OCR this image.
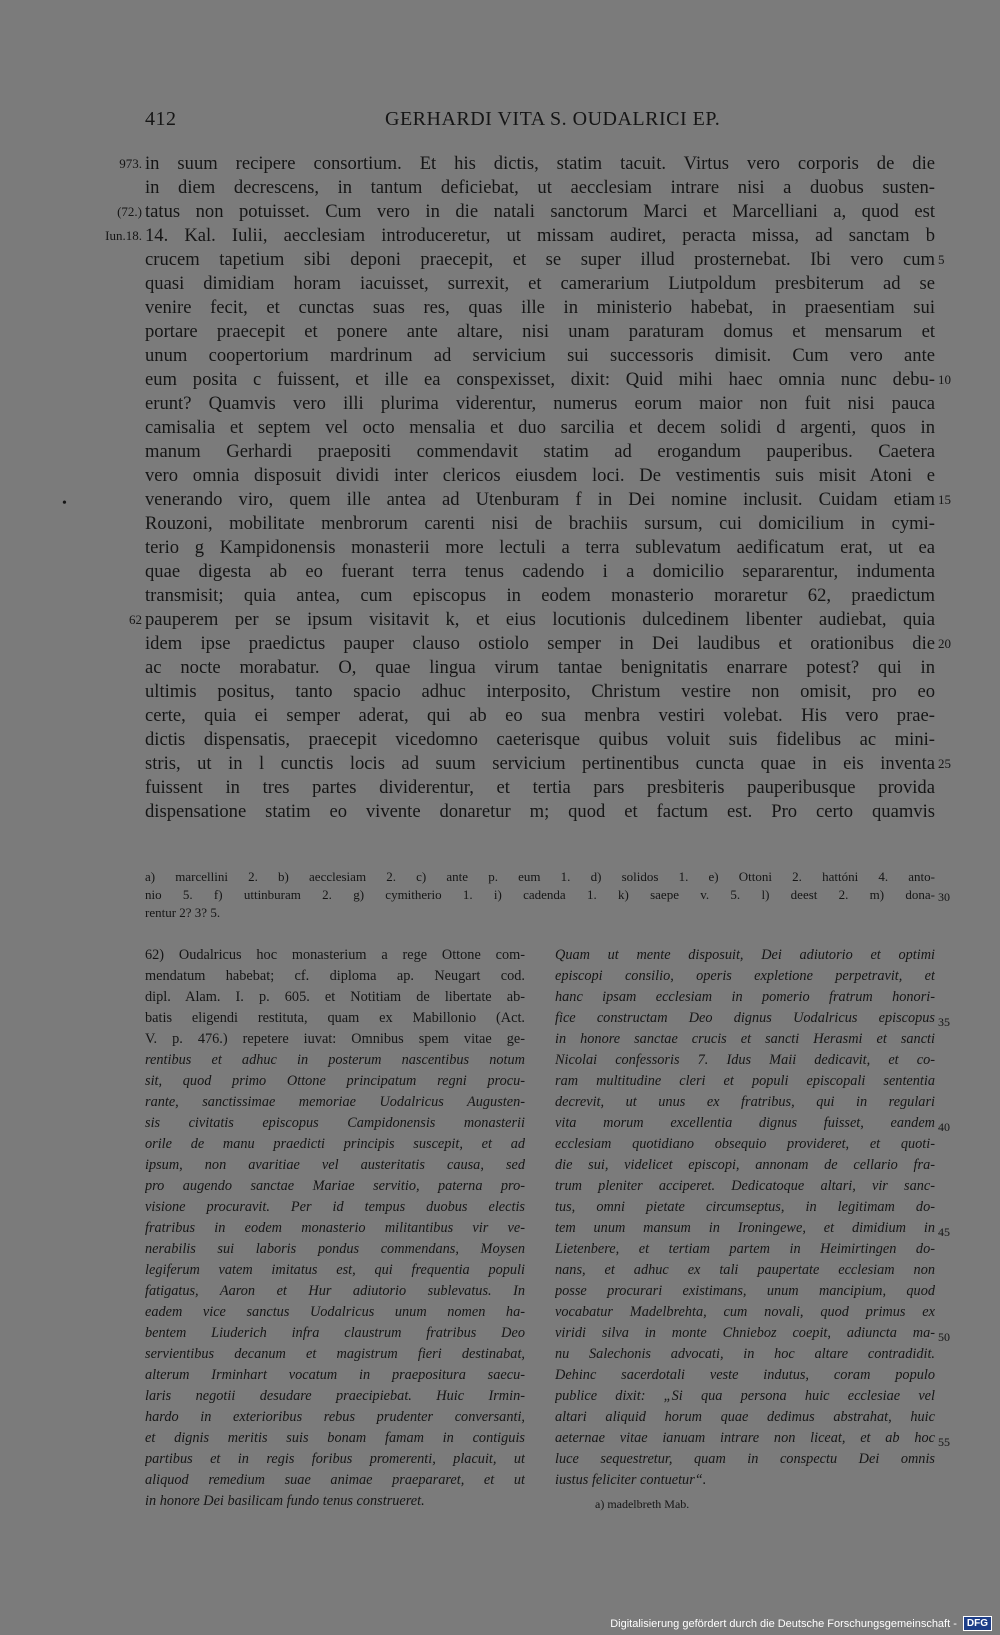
412	GERHARDI VITA S. OUDALRICI EP.
•
973.
(72.)
Iun.18.
62
5
10
15
20
25
in suum recipere consortium. Et his dictis, statim tacuit. Virtus vero corporis de die
in diem decrescens, in tantum deficiebat, ut aecclesiam intrare nisi a duobus susten-
tatus non potuisset. Cum vero in die natali sanctorum Marci et Marcelliani a, quod est
14. Kal. Iulii, aecclesiam introduceretur, ut missam audiret, peracta missa, ad sanctam b
crucem tapetium sibi deponi praecepit, et se super illud prosternebat. Ibi vero cum
quasi dimidiam horam iacuisset, surrexit, et camerarium Liutpoldum presbiterum ad se
venire fecit, et cunctas suas res, quas ille in ministerio habebat, in praesentiam sui
portare praecepit et ponere ante altare, nisi unam paraturam domus et mensarum et
unum coopertorium mardrinum ad servicium sui successoris dimisit. Cum vero ante
eum posita c fuissent, et ille ea conspexisset, dixit: Quid mihi haec omnia nunc debu-
erunt? Quamvis vero illi plurima viderentur, numerus eorum maior non fuit nisi pauca
camisalia et septem vel octo mensalia et duo sarcilia et decem solidi d argenti, quos in
manum Gerhardi praepositi commendavit statim ad erogandum pauperibus. Caetera
vero omnia disposuit dividi inter clericos eiusdem loci. De vestimentis suis misit Atoni e
venerando viro, quem ille antea ad Utenburam f in Dei nomine inclusit. Cuidam etiam
Rouzoni, mobilitate menbrorum carenti nisi de brachiis sursum, cui domicilium in cymi-
terio g Kampidonensis monasterii more lectuli a terra sublevatum aedificatum erat, ut ea
quae digesta ab eo fuerant terra tenus cadendo i a domicilio separarentur, indumenta
transmisit; quia antea, cum episcopus in eodem monasterio moraretur 62, praedictum
pauperem per se ipsum visitavit k, et eius locutionis dulcedinem libenter audiebat, quia
idem ipse praedictus pauper clauso ostiolo semper in Dei laudibus et orationibus die
ac nocte morabatur. O, quae lingua virum tantae benignitatis enarrare potest? qui in
ultimis positus, tanto spacio adhuc interposito, Christum vestire non omisit, pro eo
certe, quia ei semper aderat, qui ab eo sua menbra vestiri volebat. His vero prae-
dictis dispensatis, praecepit vicedomno caeterisque quibus voluit suis fidelibus ac mini-
stris, ut in l cunctis locis ad suum servicium pertinentibus cuncta quae in eis inventa
fuissent in tres partes dividerentur, et tertia pars presbiteris pauperibusque provida
dispensatione statim eo vivente donaretur m; quod et factum est. Pro certo quamvis
a) marcellini 2. b) aecclesiam 2. c) ante p. eum 1. d) solidos 1. e) Ottoni 2. hattóni 4. anto-
nio 5. f) uttinburam 2. g) cymitherio 1. i) cadenda 1. k) saepe v. 5. l) deest 2. m) dona-
rentur 2? 3? 5.
30
62) Oudalricus hoc monasterium a rege Ottone com-
mendatum habebat; cf. diploma ap. Neugart cod.
dipl. Alam. I. p. 605. et Notitiam de libertate ab-
batis eligendi restituta, quam ex Mabillonio (Act.
V. p. 476.) repetere iuvat: Omnibus spem vitae ge-
rentibus et adhuc in posterum nascentibus notum
sit, quod primo Ottone principatum regni procu-
rante, sanctissimae memoriae Uodalricus Augusten-
sis civitatis episcopus Campidonensis monasterii
orile de manu praedicti principis suscepit, et ad
ipsum, non avaritiae vel austeritatis causa, sed
pro augendo sanctae Mariae servitio, paterna pro-
visione procuravit. Per id tempus duobus electis
fratribus in eodem monasterio militantibus vir ve-
nerabilis sui laboris pondus commendans, Moysen
legiferum vatem imitatus est, qui frequentia populi
fatigatus, Aaron et Hur adiutorio sublevatus. In
eadem vice sanctus Uodalricus unum nomen ha-
bentem Liuderich infra claustrum fratribus Deo
servientibus decanum et magistrum fieri destinabat,
alterum Irminhart vocatum in praepositura saecu-
laris negotii desudare praecipiebat. Huic Irmin-
hardo in exterioribus rebus prudenter conversanti,
et dignis meritis suis bonam famam in contiguis
partibus et in regis foribus promerenti, placuit, ut
aliquod remedium suae animae praepararet, et ut
in honore Dei basilicam fundo tenus construeret.
Quam ut mente disposuit, Dei adiutorio et optimi
episcopi consilio, operis expletione perpetravit, et
hanc ipsam ecclesiam in pomerio fratrum honori-
fice constructam Deo dignus Uodalricus episcopus
in honore sanctae crucis et sancti Herasmi et sancti
Nicolai confessoris 7. Idus Maii dedicavit, et co-
ram multitudine cleri et populi episcopali sententia
decrevit, ut unus ex fratribus, qui in regulari
vita morum excellentia dignus fuisset, eandem
ecclesiam quotidiano obsequio provideret, et quoti-
die sui, videlicet episcopi, annonam de cellario fra-
trum pleniter acciperet. Dedicatoque altari, vir sanc-
tus, omni pietate circumseptus, in legitimam do-
tem unum mansum in Ironingewe, et dimidium in
Lietenbere, et tertiam partem in Heimirtingen do-
nans, et adhuc ex tali paupertate ecclesiam non
posse procurari existimans, unum mancipium, quod
vocabatur Madelbrehta, cum novali, quod primus ex
viridi silva in monte Chnieboz coepit, adiuncta ma-
nu Salechonis advocati, in hoc altare contradidit.
Dehinc sacerdotali veste indutus, coram populo
publice dixit: „Si qua persona huic ecclesiae vel
altari aliquid horum quae dedimus abstrahat, huic
aeternae vitae ianuam intrare non liceat, et ab hoc
luce sequestretur, quam in conspectu Dei omnis
iustus feliciter contuetur“.
a) madelbreth Mab.
35
40
45
50
55
Digitalisierung gefördert durch die Deutsche Forschungsgemeinschaft -	DFG
